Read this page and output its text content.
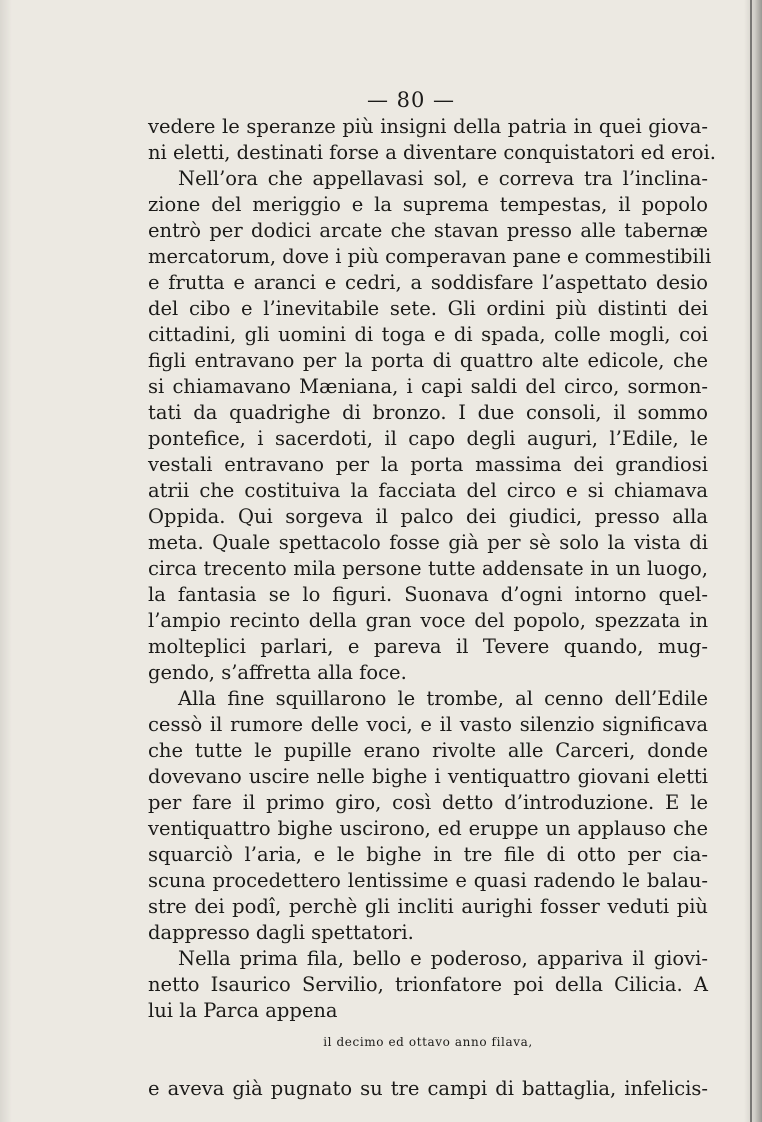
— 80 —
vedere le speranze più insigni della patria in quei giova-
ni eletti, destinati forse a diventare conquistatori ed eroi.
Nell’ora che appellavasi sol, e correva tra l’inclina-
zione del meriggio e la suprema tempestas, il popolo
entrò per dodici arcate che stavan presso alle tabernæ
mercatorum, dove i più comperavan pane e commestibili
e frutta e aranci e cedri, a soddisfare l’aspettato desio
del cibo e l’inevitabile sete. Gli ordini più distinti dei
cittadini, gli uomini di toga e di spada, colle mogli, coi
figli entravano per la porta di quattro alte edicole, che
si chiamavano Mæniana, i capi saldi del circo, sormon-
tati da quadrighe di bronzo. I due consoli, il sommo
pontefice, i sacerdoti, il capo degli auguri, l’Edile, le
vestali entravano per la porta massima dei grandiosi
atrii che costituiva la facciata del circo e si chiamava
Oppida. Qui sorgeva il palco dei giudici, presso alla
meta. Quale spettacolo fosse già per sè solo la vista di
circa trecento mila persone tutte addensate in un luogo,
la fantasia se lo figuri. Suonava d’ogni intorno quel-
l’ampio recinto della gran voce del popolo, spezzata in
molteplici parlari, e pareva il Tevere quando, mug-
gendo, s’affretta alla foce.
Alla fine squillarono le trombe, al cenno dell’Edile
cessò il rumore delle voci, e il vasto silenzio significava
che tutte le pupille erano rivolte alle Carceri, donde
dovevano uscire nelle bighe i ventiquattro giovani eletti
per fare il primo giro, così detto d’introduzione. E le
ventiquattro bighe uscirono, ed eruppe un applauso che
squarciò l’aria, e le bighe in tre file di otto per cia-
scuna procedettero lentissime e quasi radendo le balau-
stre dei podî, perchè gli incliti aurighi fosser veduti più
dappresso dagli spettatori.
Nella prima fila, bello e poderoso, appariva il giovi-
netto Isaurico Servilio, trionfatore poi della Cilicia. A
lui la Parca appena
il decimo ed ottavo anno filava,
e aveva già pugnato su tre campi di battaglia, infelicis-
